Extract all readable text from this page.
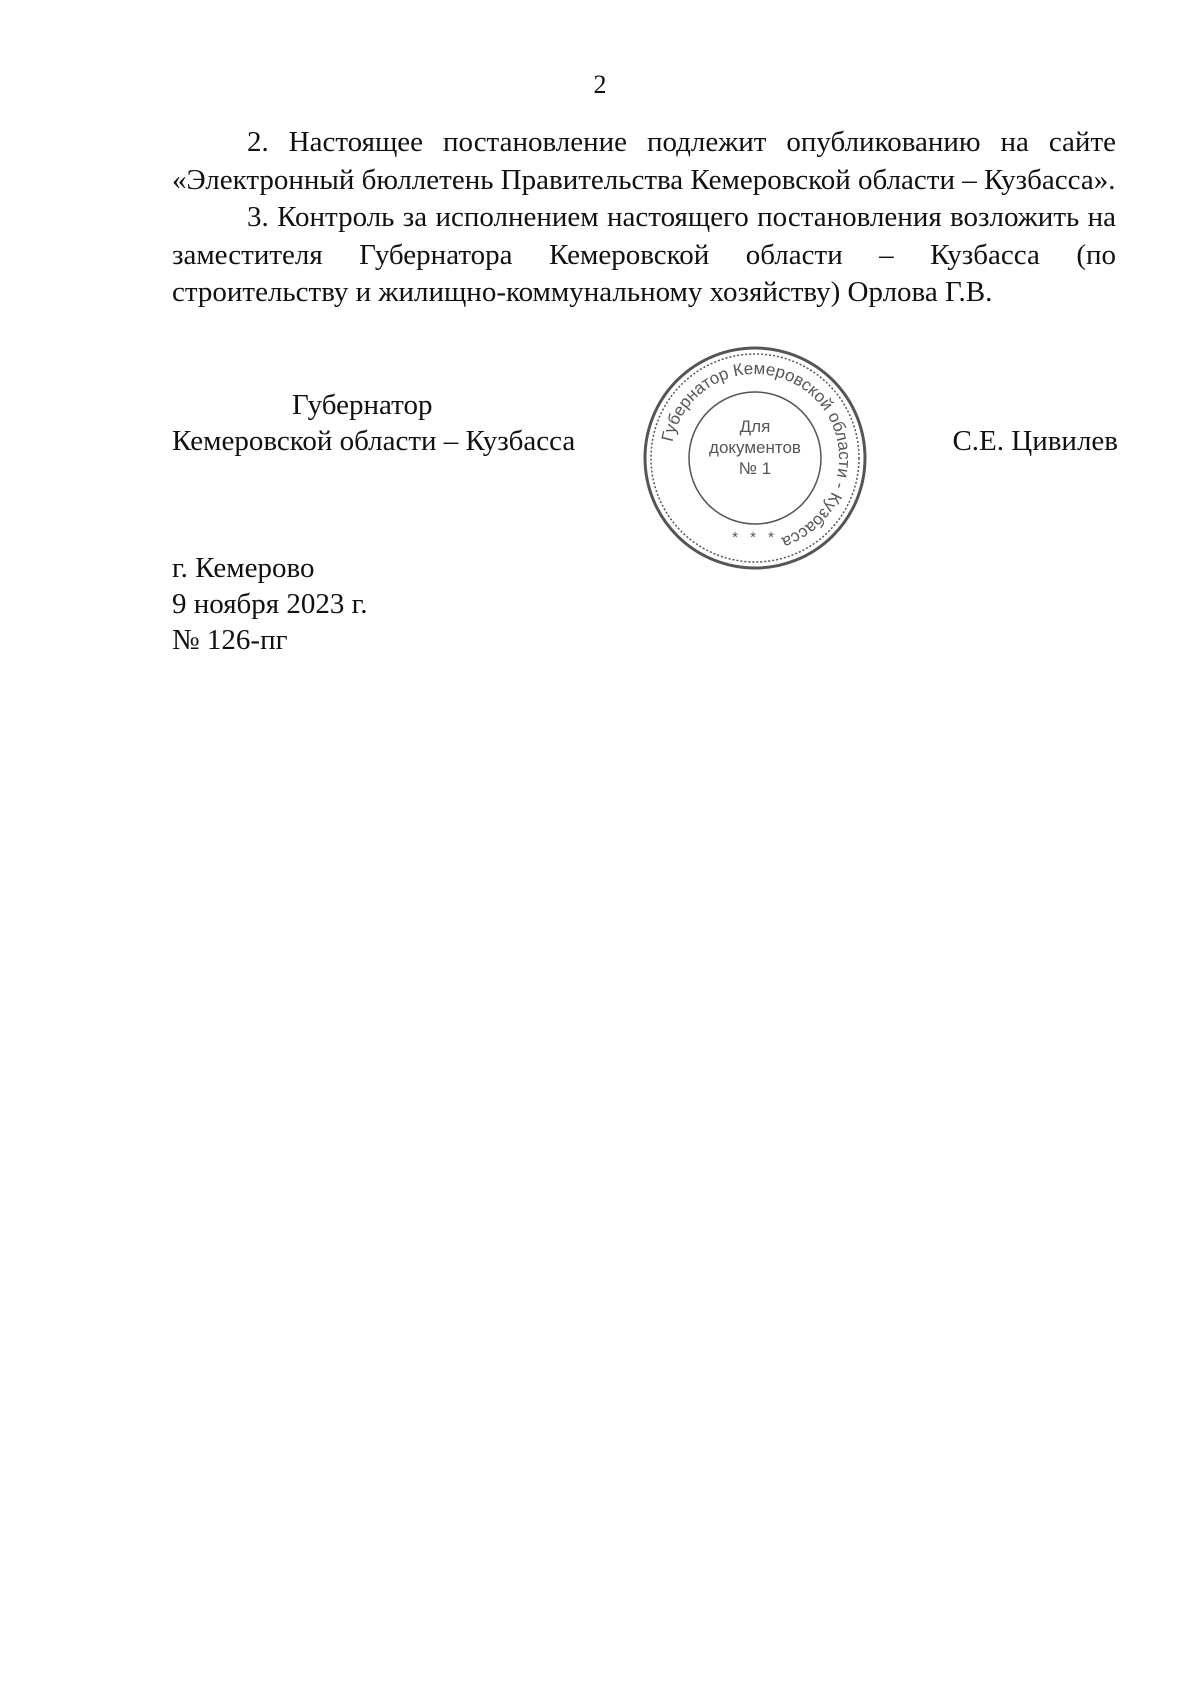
2

2. Настоящее постановление подлежит опубликованию на сайте «Электронный бюллетень Правительства Кемеровской области – Кузбасса».

3. Контроль за исполнением настоящего постановления возложить на заместителя Губернатора Кемеровской области – Кузбасса (по строительству и жилищно-коммунальному хозяйству) Орлова Г.В.

Губернатор
Кемеровской области – Кузбасса	Губернатор Кемеровской области - Кузбасса
Для
документов
№ 1
* * *
С.Е. Цивилев
г. Кемерово
9 ноября 2023 г.
№ 126-пг
